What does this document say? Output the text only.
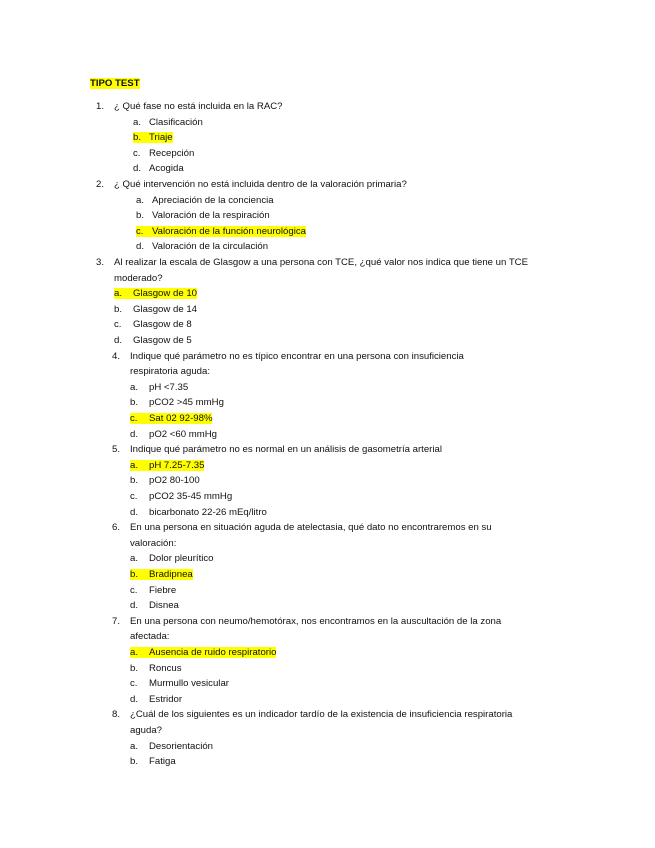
TIPO TEST
1. ¿ Qué fase no está incluida en la RAC?
a. Clasificación
b. Triaje
c. Recepción
d. Acogida
2. ¿ Qué intervención no está incluida dentro de la valoración primaria?
a. Apreciación de la conciencia
b. Valoración de la respiración
c. Valoración de la función neurológica
d. Valoración de la circulación
3. Al realizar la escala de Glasgow a una persona con TCE, ¿qué valor nos indica que tiene un TCE
moderado?
a.	Glasgow de 10
b. Glasgow de 14
c. Glasgow de 8
d. Glasgow de 5
4. Indique qué parámetro no es típico encontrar en una persona con insuficiencia
respiratoria aguda:
a. pH <7.35
b. pCO2 >45 mmHg
c.	Sat 02 92-98%
d. pO2 <60 mmHg
5. Indique qué parámetro no es normal en un análisis de gasometría arterial
a.	pH 7.25-7.35
b. pO2 80-100
c. pCO2 35-45 mmHg
d. bicarbonato 22-26 mEq/litro
6. En una persona en situación aguda de atelectasia, qué dato no encontraremos en su
valoración:
a. Dolor pleurítico
b.	Bradipnea
c. Fiebre
d. Disnea
7. En una persona con neumo/hemotórax, nos encontramos en la auscultación de la zona
afectada:
a.	Ausencia de ruido respiratorio
b. Roncus
c. Murmullo vesicular
d. Estridor
8. ¿Cuál de los siguientes es un indicador tardío de la existencia de insuficiencia respiratoria
aguda?
a. Desorientación
b. Fatiga
